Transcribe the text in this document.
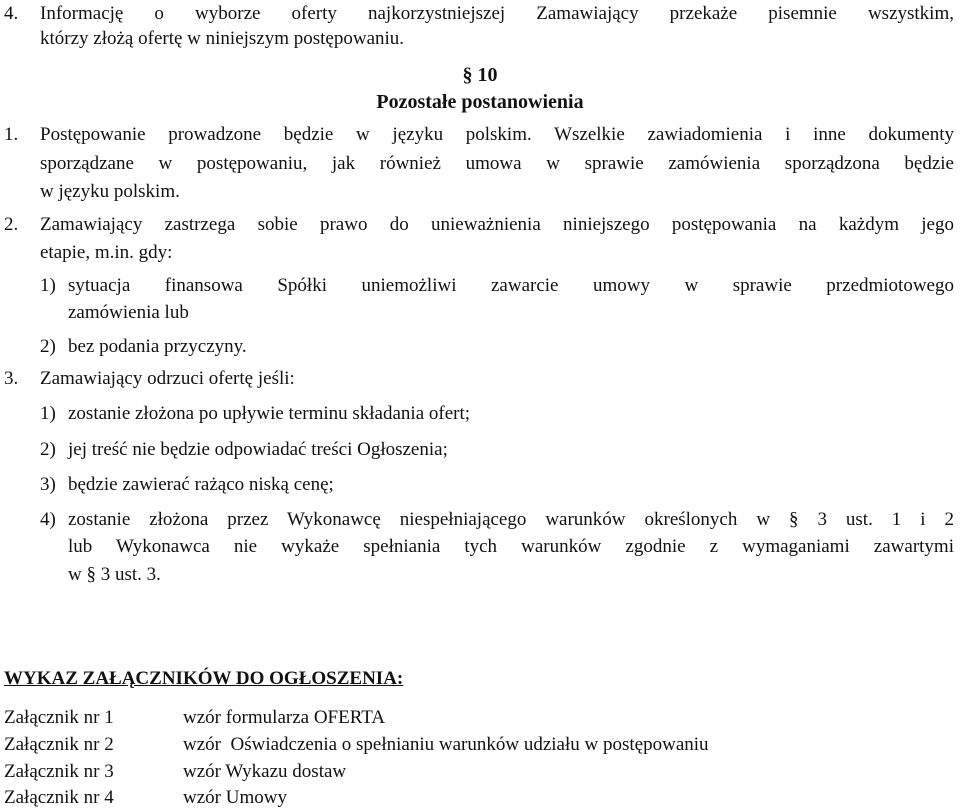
4. Informację o wyborze oferty najkorzystniejszej Zamawiający przekaże pisemnie wszystkim,
którzy złożą ofertę w niniejszym postępowaniu.
§ 10
Pozostałe postanowienia
1. Postępowanie prowadzone będzie w języku polskim. Wszelkie zawiadomienia i inne dokumenty
sporządzane w postępowaniu, jak również umowa w sprawie zamówienia sporządzona będzie
w języku polskim.
2. Zamawiający zastrzega sobie prawo do unieważnienia niniejszego postępowania na każdym jego
etapie, m.in. gdy:
1) sytuacja finansowa Spółki uniemożliwi zawarcie umowy w sprawie przedmiotowego
zamówienia lub
2) bez podania przyczyny.
3. Zamawiający odrzuci ofertę jeśli:
1) zostanie złożona po upływie terminu składania ofert;
2) jej treść nie będzie odpowiadać treści Ogłoszenia;
3) będzie zawierać rażąco niską cenę;
4) zostanie złożona przez Wykonawcę niespełniającego warunków określonych w § 3 ust. 1 i 2
lub Wykonawca nie wykaże spełniania tych warunków zgodnie z wymaganiami zawartymi
w § 3 ust. 3.
WYKAZ ZAŁĄCZNIKÓW DO OGŁOSZENIA:
Załącznik nr 1	wzór formularza OFERTA
Załącznik nr 2	wzór  Oświadczenia o spełnianiu warunków udziału w postępowaniu
Załącznik nr 3	wzór Wykazu dostaw
Załącznik nr 4	wzór Umowy
